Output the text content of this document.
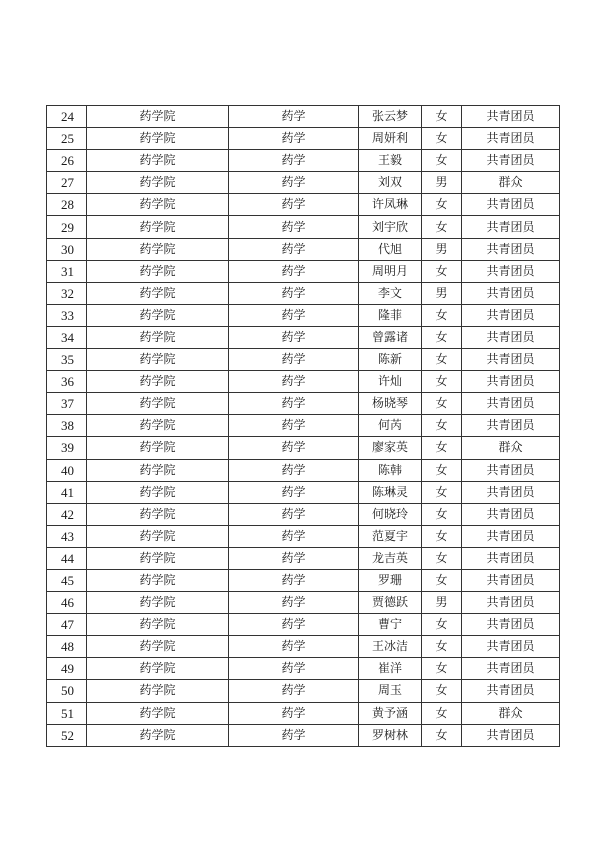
24	药学院	药学	张云梦	女	共青团员
25	药学院	药学	周妍利	女	共青团员
26	药学院	药学	王毅	女	共青团员
27	药学院	药学	刘双	男	群众
28	药学院	药学	许凤琳	女	共青团员
29	药学院	药学	刘宇欣	女	共青团员
30	药学院	药学	代旭	男	共青团员
31	药学院	药学	周明月	女	共青团员
32	药学院	药学	李文	男	共青团员
33	药学院	药学	隆菲	女	共青团员
34	药学院	药学	曾露诸	女	共青团员
35	药学院	药学	陈新	女	共青团员
36	药学院	药学	许灿	女	共青团员
37	药学院	药学	杨晓琴	女	共青团员
38	药学院	药学	何芮	女	共青团员
39	药学院	药学	廖家英	女	群众
40	药学院	药学	陈韩	女	共青团员
41	药学院	药学	陈琳灵	女	共青团员
42	药学院	药学	何晓玲	女	共青团员
43	药学院	药学	范夏宇	女	共青团员
44	药学院	药学	龙吉英	女	共青团员
45	药学院	药学	罗珊	女	共青团员
46	药学院	药学	贾德跃	男	共青团员
47	药学院	药学	曹宁	女	共青团员
48	药学院	药学	王冰洁	女	共青团员
49	药学院	药学	崔洋	女	共青团员
50	药学院	药学	周玉	女	共青团员
51	药学院	药学	黄予涵	女	群众
52	药学院	药学	罗树林	女	共青团员
